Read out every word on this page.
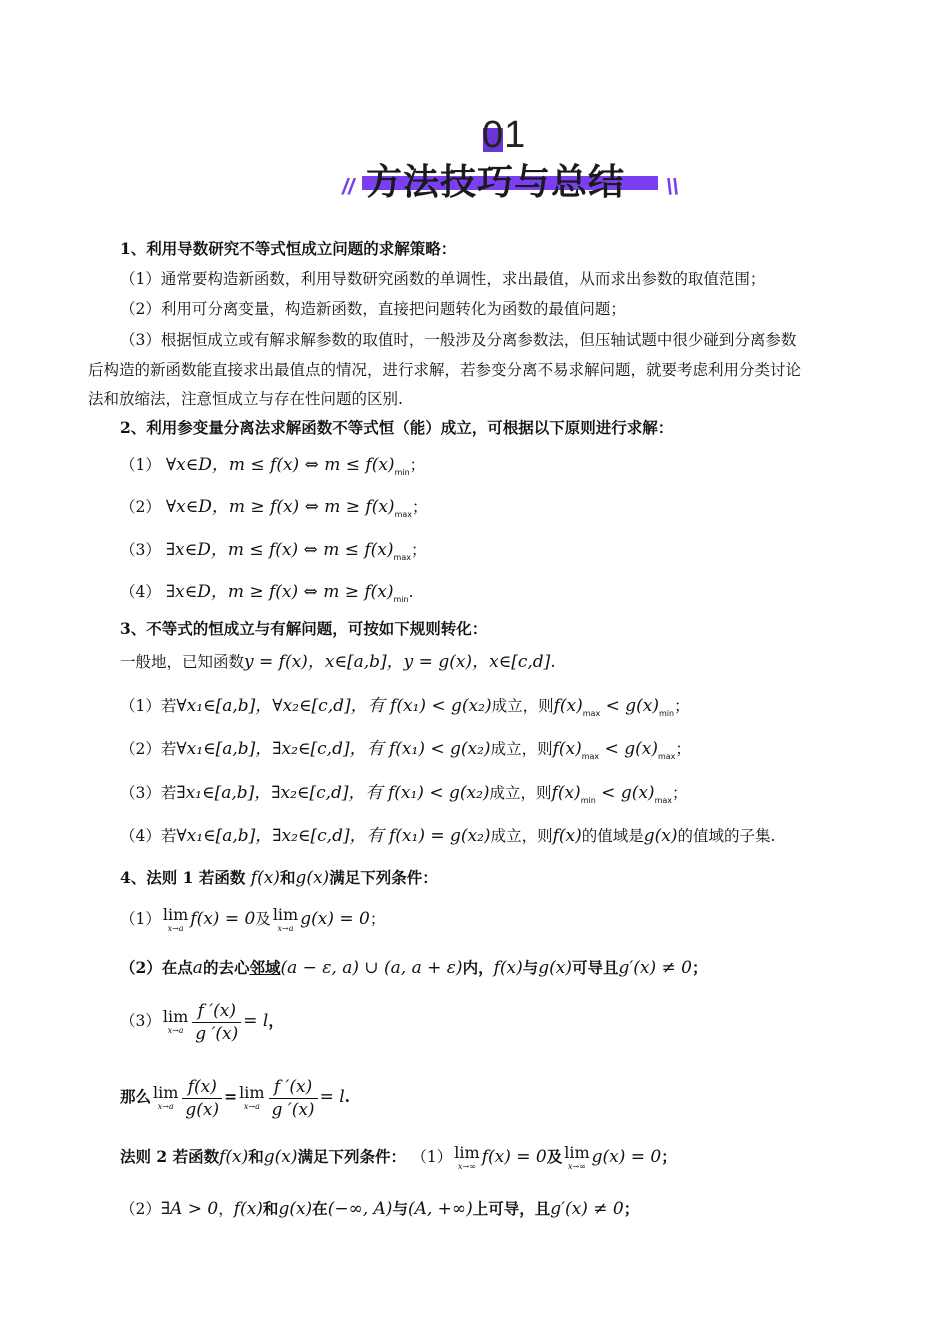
01
方法技巧与总结
//	\\
1、利用导数研究不等式恒成立问题的求解策略：
（1）通常要构造新函数，利用导数研究函数的单调性，求出最值，从而求出参数的取值范围；
（2）利用可分离变量，构造新函数，直接把问题转化为函数的最值问题；
（3）根据恒成立或有解求解参数的取值时，一般涉及分离参数法，但压轴试题中很少碰到分离参数
后构造的新函数能直接求出最值点的情况，进行求解，若参变分离不易求解问题，就要考虑利用分类讨论
法和放缩法，注意恒成立与存在性问题的区别.
2、利用参变量分离法求解函数不等式恒（能）成立，可根据以下原则进行求解：
（1） ∀x∈D，m ≤ f(x) ⇔ $m \le f(x)_{min}$；
（2） ∀x∈D，m ≥ f(x) ⇔ $m \ge f(x)_{max}$；
（3） ∃x∈D，m ≤ f(x) ⇔ $m \le f(x)_{max}$；
（4） ∃x∈D，m ≥ f(x) ⇔ $m \ge f(x)_{min}$.
3、不等式的恒成立与有解问题，可按如下规则转化：
一般地，已知函数y = f(x)，x∈[a,b]，y = g(x)，x∈[c,d].
（1）若∀x₁∈[a,b]，∀x₂∈[c,d]，有 f(x₁) < g(x₂)成立，则$f(x)_{max} < g(x)_{min}$；
（2）若∀x₁∈[a,b]，∃x₂∈[c,d]，有 f(x₁) < g(x₂)成立，则$f(x)_{max} < g(x)_{max}$；
（3）若∃x₁∈[a,b]，∃x₂∈[c,d]，有 f(x₁) < g(x₂)成立，则$f(x)_{min} < g(x)_{max}$；
（4）若∀x₁∈[a,b]，∃x₂∈[c,d]，有 f(x₁) = g(x₂)成立，则f(x)的值域是g(x)的值域的子集.
4、法则 1 若函数 f(x)和g(x)满足下列条件：
（1） lim
x→a f(x) = 0及 lim
x→a g(x) = 0；
（2）在点a的去心邻域(a − ε, a) ∪ (a, a + ε)内，f(x)与g(x)可导且g′(x) ≠ 0；
（3） lim
$x\to a \frac{f '(x)}{g '(x)} = l$，
那么 lim
$x\to a \frac{f(x)}{g(x)} = \lim$
$x\to a \frac{f '(x)}{g '(x)} = l$.
法则 2 若函数f(x)和g(x)满足下列条件： （1） lim
x→∞ f(x) = 0及 lim
x→∞ g(x) = 0；
（2）∃A > 0，f(x)和g(x)在(−∞, A)与(A, +∞)上可导，且g′(x) ≠ 0；
